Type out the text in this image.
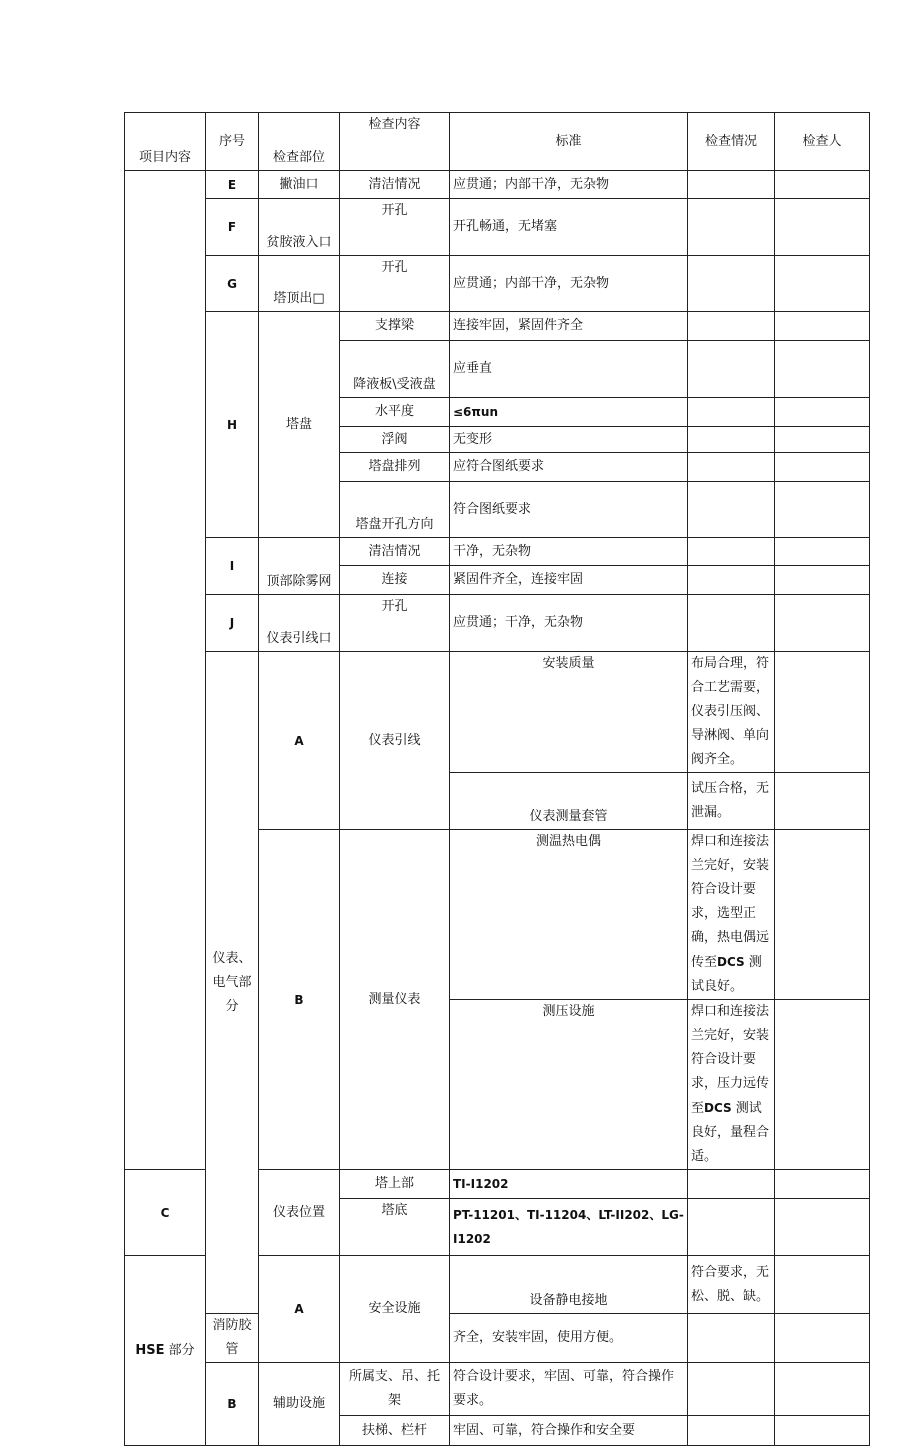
项目内容	序号	检查部位	检查内容	标准	检查情况	检查人	
	E	撇油口	清洁情况	应贯通；内部干净，无杂物			
	F	贫胺液入口	开孔	开孔畅通，无堵塞			
	G	塔顶出□	开孔	应贯通；内部干净，无杂物			
	H	塔盘	支撑梁	连接牢固，紧固件齐全			
			降液板\受液盘	应垂直			
			水平度	≤6πun			
			浮阀	无变形			
			塔盘排列	应符合图纸要求			
			塔盘开孔方向	符合图纸要求			
	I	顶部除雾网	清洁情况	干净，无杂物			
			连接	紧固件齐全，连接牢固			
	J	仪表引线口	开孔	应贯通；干净，无杂物			
	仪表、电气部分	A	仪表引线	安装质量	布局合理，符合工艺需要，仪表引压阀、导淋阀、单向阀齐全。		
				仪表测量套管	试压合格，无泄漏。		
		B	测量仪表	测温热电偶	焊口和连接法兰完好，安装符合设计要求，选型正确，热电偶远传至DCS 测试良好。		
				测压设施	焊口和连接法兰完好，安装符合设计要求，压力远传至DCS 测试良好，量程合适。		
C		仪表位置	塔上部	TI-I1202			
			塔底	PT-11201、TI-11204、LT-II202、LG-I1202			
HSE 部分		A	安全设施	设备静电接地	符合要求，无松、脱、缺。		
	消防胶管			齐全，安装牢固，使用方便。			
	B	辅助设施	所属支、吊、托架	符合设计要求，牢固、可靠，符合操作要求。			
			扶梯、栏杆	牢固、可靠，符合操作和安全要			
